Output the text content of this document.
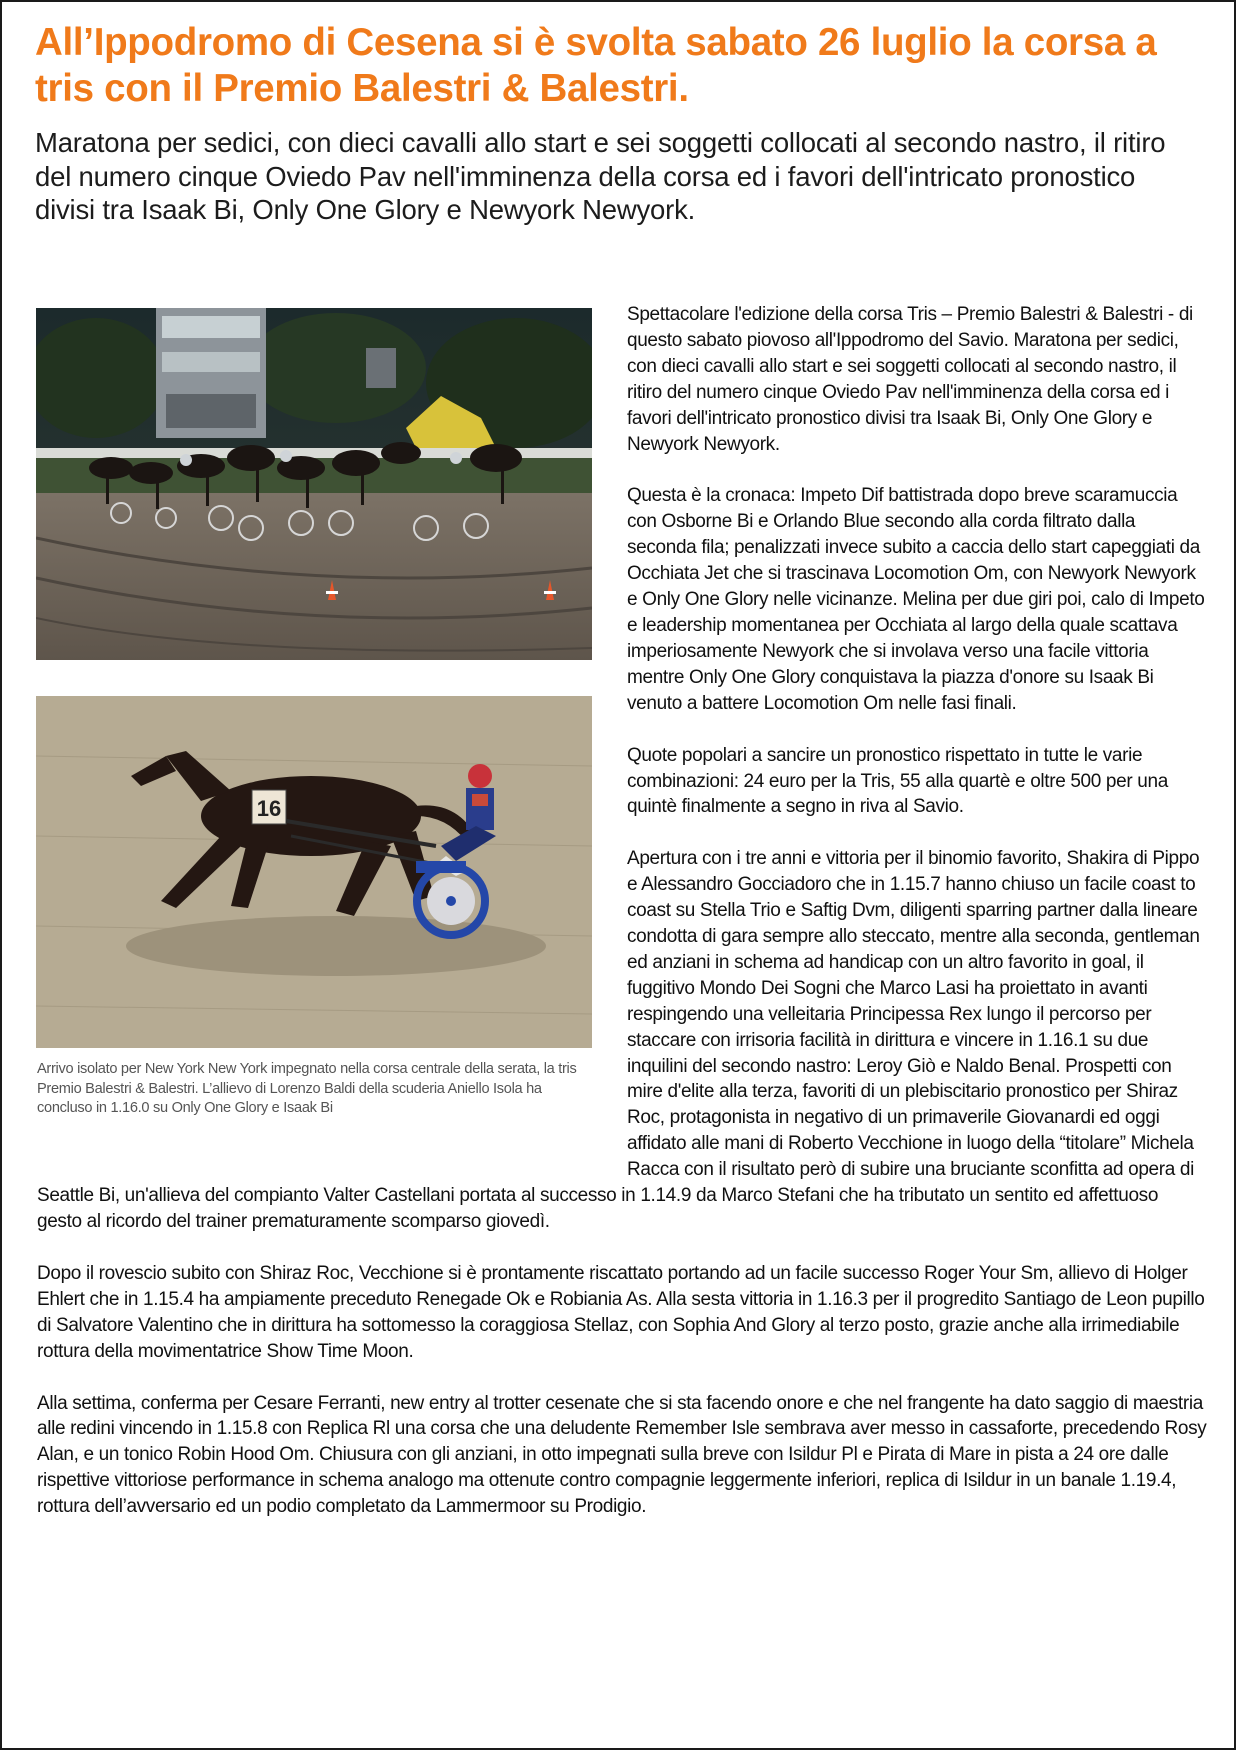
All’Ippodromo di Cesena si è svolta sabato 26 luglio la corsa a tris con il Premio Balestri & Balestri.

Maratona per sedici, con dieci cavalli allo start e sei soggetti collocati al secondo nastro, il ritiro del numero cinque Oviedo Pav nell'imminenza della corsa ed i favori dell'intricato pronostico divisi tra Isaak Bi, Only One Glory e Newyork Newyork.

Spettacolare l'edizione della corsa Tris – Premio Balestri & Balestri - di questo sabato piovoso all'Ippodromo del Savio. Maratona per sedici, con dieci cavalli allo start e sei soggetti collocati al secondo nastro, il ritiro del numero cinque Oviedo Pav nell'imminenza della corsa ed i favori dell'intricato pronostico divisi tra Isaak Bi, Only One Glory e Newyork Newyork.

Questa è la cronaca: Impeto Dif battistrada dopo breve scaramuccia con Osborne Bi e Orlando Blue secondo alla corda filtrato dalla seconda fila; penalizzati invece subito a caccia dello start capeggiati da Occhiata Jet che si trascinava Locomotion Om, con Newyork Newyork e Only One Glory nelle vicinanze. Melina per due giri poi, calo di Impeto e leadership momentanea per Occhiata al largo della quale scattava imperiosamente Newyork che si involava verso una facile vittoria mentre Only One Glory conquistava la piazza d'onore su Isaak Bi venuto a battere Locomotion Om nelle fasi finali.

Quote popolari a sancire un pronostico rispettato in tutte le varie combinazioni: 24 euro per la Tris, 55 alla quartè e oltre 500 per una quintè finalmente a segno in riva al Savio.

Apertura con i tre anni e vittoria per il binomio favorito, Shakira di Pippo e Alessandro Gocciadoro che in 1.15.7 hanno chiuso un facile coast to coast su Stella Trio e Saftig Dvm, diligenti sparring partner dalla lineare condotta di gara sempre allo steccato, mentre alla seconda, gentleman ed anziani in schema ad handicap con un altro favorito in goal, il fuggitivo Mondo Dei Sogni che Marco Lasi ha proiettato in avanti respingendo una velleitaria Principessa Rex lungo il percorso per staccare con irrisoria facilità in dirittura e vincere in 1.16.1 su due inquilini del secondo nastro: Leroy Giò e Naldo Benal. Prospetti con mire d'elite alla terza, favoriti di un plebiscitario pronostico per Shiraz Roc, protagonista in negativo di un primaverile Giovanardi ed oggi affidato alle mani di Roberto Vecchione in luogo della “titolare” Michela Racca con il risultato però di subire una bruciante sconfitta ad opera di Seattle Bi, un'allieva del compianto Valter Castellani portata al successo in 1.14.9 da Marco Stefani che ha tributato un sentito ed affettuoso gesto al ricordo del trainer prematuramente scomparso giovedì.

Dopo il rovescio subito con Shiraz Roc, Vecchione si è prontamente riscattato portando ad un facile successo Roger Your Sm, allievo di Holger Ehlert che in 1.15.4 ha ampiamente preceduto Renegade Ok e Robiania As. Alla sesta vittoria in 1.16.3 per il progredito Santiago de Leon pupillo di Salvatore Valentino che in dirittura ha sottomesso la coraggiosa Stellaz, con Sophia And Glory al terzo posto, grazie anche alla irrimediabile rottura della movimentatrice Show Time Moon.

Alla settima, conferma per Cesare Ferranti, new entry al trotter cesenate che si sta facendo onore e che nel frangente ha dato saggio di maestria alle redini vincendo in 1.15.8 con Replica Rl una corsa che una deludente Remember Isle sembrava aver messo in cassaforte, precedendo Rosy Alan, e un tonico Robin Hood Om. Chiusura con gli anziani, in otto impegnati sulla breve con Isildur Pl e Pirata di Mare in pista a 24 ore dalle rispettive vittoriose performance in schema analogo ma ottenute contro compagnie leggermente inferiori, replica di Isildur in un banale 1.19.4, rottura dell’avversario ed un podio completato da Lammermoor su Prodigio.

16

Arrivo isolato per New York New York impegnato nella corsa centrale della serata, la tris Premio Balestri & Balestri. L’allievo di Lorenzo Baldi della scuderia Aniello Isola ha concluso in 1.16.0 su Only One Glory e Isaak Bi
